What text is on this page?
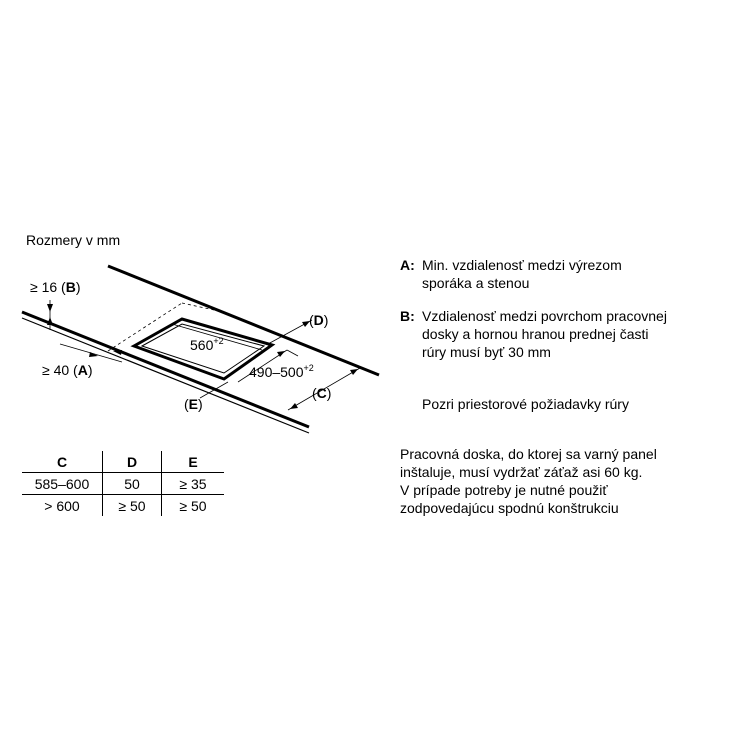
Rozmery v mm
≥ 16 (B)
≥ 40 (A)
(D)
(C)
(E)
$560^{+2}$
$490-500^{+2}$
C	D	E
585–600	50	≥ 35
> 600	≥ 50	≥ 50
A: Min. vzdialenosť medzi výrezom
sporáka a stenou
B: Vzdialenosť medzi povrchom pracovnej
dosky a hornou hranou prednej časti
rúry musí byť 30 mm
Pozri priestorové požiadavky rúry
Pracovná doska, do ktorej sa varný panel
inštaluje, musí vydržať záťaž asi 60 kg.
V prípade potreby je nutné použiť
zodpovedajúcu spodnú konštrukciu
